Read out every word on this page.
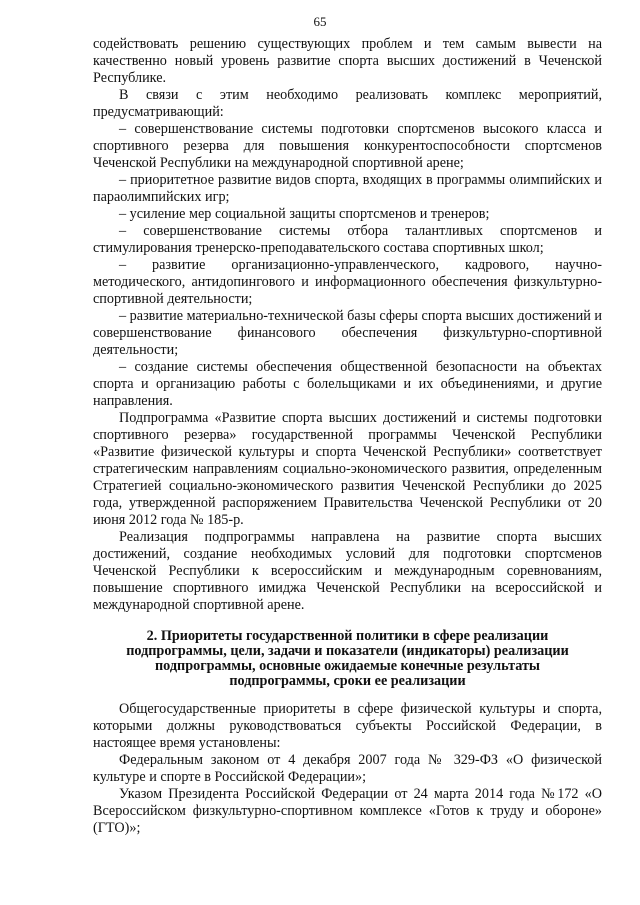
65

содействовать решению существующих проблем и тем самым вывести на качественно новый уровень развитие спорта высших достижений в Чеченской Республике.

В связи с этим необходимо реализовать комплекс мероприятий, предусматривающий:

– совершенствование системы подготовки спортсменов высокого класса и спортивного резерва для повышения конкурентоспособности спортсменов Чеченской Республики на международной спортивной арене;

– приоритетное развитие видов спорта, входящих в программы олимпийских и параолимпийских игр;

– усиление мер социальной защиты спортсменов и тренеров;

– совершенствование системы отбора талантливых спортсменов и стимулирования тренерско-преподавательского состава спортивных школ;

– развитие организационно-управленческого, кадрового, научно-методического, антидопингового и информационного обеспечения физкультурно-спортивной деятельности;

– развитие материально-технической базы сферы спорта высших достижений и совершенствование финансового обеспечения физкультурно-спортивной деятельности;

– создание системы обеспечения общественной безопасности на объектах спорта и организацию работы с болельщиками и их объединениями, и другие направления.

Подпрограмма «Развитие спорта высших достижений и системы подготовки спортивного резерва» государственной программы Чеченской Республики «Развитие физической культуры и спорта Чеченской Республики» соответствует стратегическим направлениям социально-экономического развития, определенным Стратегией социально-экономического развития Чеченской Республики до 2025 года, утвержденной распоряжением Правительства Чеченской Республики от 20 июня 2012 года № 185-р.

Реализация подпрограммы направлена на развитие спорта высших достижений, создание необходимых условий для подготовки спортсменов Чеченской Республики к всероссийским и международным соревнованиям, повышение спортивного имиджа Чеченской Республики на всероссийской и международной спортивной арене.

2. Приоритеты государственной политики в сфере реализации
подпрограммы, цели, задачи и показатели (индикаторы) реализации
подпрограммы, основные ожидаемые конечные результаты
подпрограммы, сроки ее реализации

Общегосударственные приоритеты в сфере физической культуры и спорта, которыми должны руководствоваться субъекты Российской Федерации, в настоящее время установлены:

Федеральным законом от 4 декабря 2007 года № 329-ФЗ «О физической культуре и спорте в Российской Федерации»;

Указом Президента Российской Федерации от 24 марта 2014 года №172 «О Всероссийском физкультурно-спортивном комплексе «Готов к труду и обороне» (ГТО)»;
